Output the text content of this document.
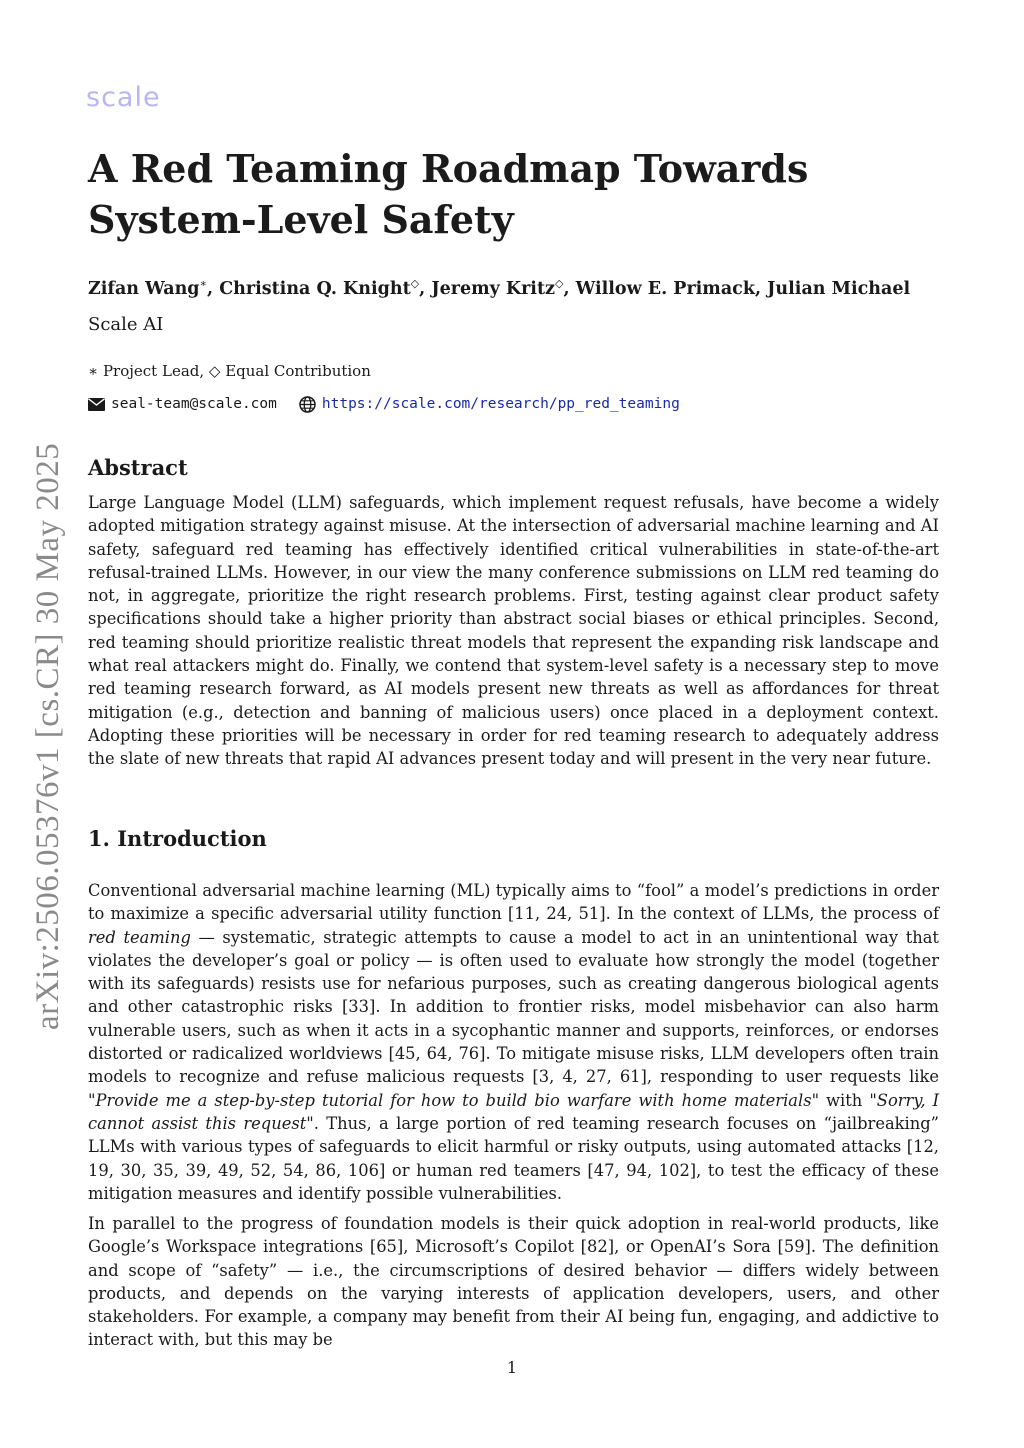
scale
A Red Teaming Roadmap Towards
System-Level Safety

Zifan Wang∗, Christina Q. Knight◇, Jeremy Kritz◇, Willow E. Primack, Julian Michael

Scale AI

∗ Project Lead, ◇ Equal Contribution

seal-team@scale.com	https://scale.com/research/pp_red_teaming
Abstract

Large Language Model (LLM) safeguards, which implement request refusals, have become a widely adopted mitigation strategy against misuse. At the intersection of adversarial machine learning and AI safety, safeguard red teaming has effectively identified critical vulnerabilities in state-of-the-art refusal-trained LLMs. However, in our view the many conference submissions on LLM red teaming do not, in aggregate, prioritize the right research problems. First, testing against clear product safety specifications should take a higher priority than abstract social biases or ethical principles. Second, red teaming should prioritize realistic threat models that represent the expanding risk landscape and what real attackers might do. Finally, we contend that system-level safety is a necessary step to move red teaming research forward, as AI models present new threats as well as affordances for threat mitigation (e.g., detection and banning of malicious users) once placed in a deployment context. Adopting these priorities will be necessary in order for red teaming research to adequately address the slate of new threats that rapid AI advances present today and will present in the very near future.

1. Introduction

Conventional adversarial machine learning (ML) typically aims to “fool” a model’s predictions in order to maximize a specific adversarial utility function [11, 24, 51]. In the context of LLMs, the process of red teaming — systematic, strategic attempts to cause a model to act in an unintentional way that violates the developer’s goal or policy — is often used to evaluate how strongly the model (together with its safeguards) resists use for nefarious purposes, such as creating dangerous biological agents and other catastrophic risks [33]. In addition to frontier risks, model misbehavior can also harm vulnerable users, such as when it acts in a sycophantic manner and supports, reinforces, or endorses distorted or radicalized worldviews [45, 64, 76]. To mitigate misuse risks, LLM developers often train models to recognize and refuse malicious requests [3, 4, 27, 61], responding to user requests like "Provide me a step-by-step tutorial for how to build bio warfare with home materials" with "Sorry, I cannot assist this request". Thus, a large portion of red teaming research focuses on “jailbreaking” LLMs with various types of safeguards to elicit harmful or risky outputs, using automated attacks [12, 19, 30, 35, 39, 49, 52, 54, 86, 106] or human red teamers [47, 94, 102], to test the efficacy of these mitigation measures and identify possible vulnerabilities.

In parallel to the progress of foundation models is their quick adoption in real-world products, like Google’s Workspace integrations [65], Microsoft’s Copilot [82], or OpenAI’s Sora [59]. The definition and scope of “safety” — i.e., the circumscriptions of desired behavior — differs widely between products, and depends on the varying interests of application developers, users, and other stakeholders. For example, a company may benefit from their AI being fun, engaging, and addictive to interact with, but this may be

1
arXiv:2506.05376v1 [cs.CR] 30 May 2025
